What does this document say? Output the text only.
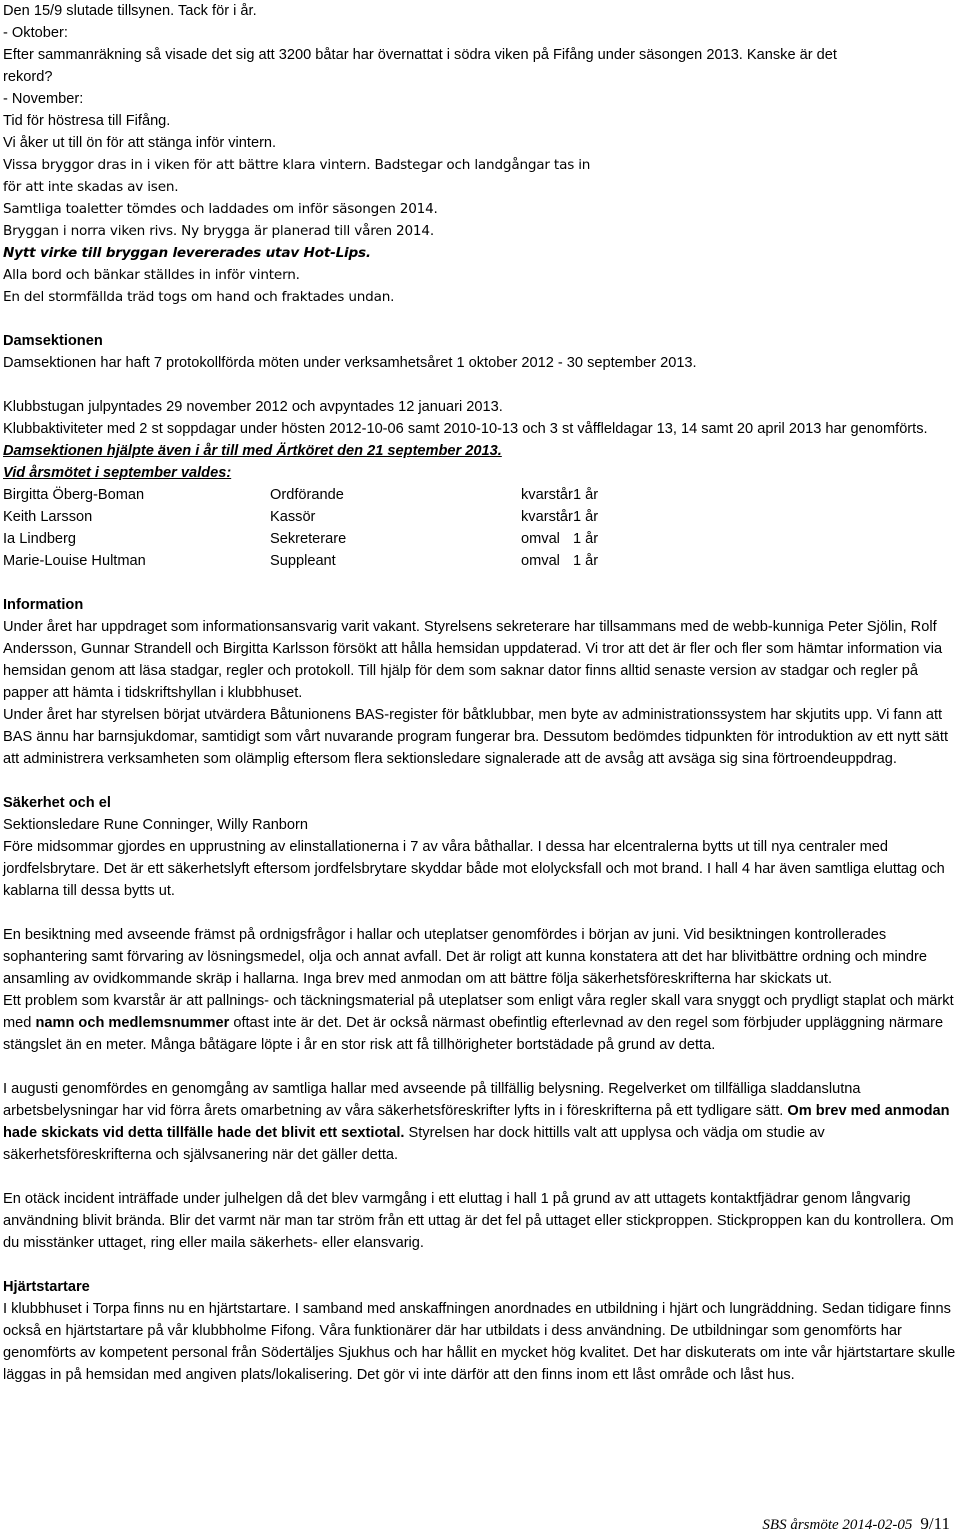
Den 15/9 slutade tillsynen. Tack för i år.
- Oktober:
Efter sammanräkning så visade det sig att 3200 båtar har övernattat i södra viken på Fifång under säsongen 2013. Kanske är det
rekord?
- November:
Tid för höstresa till Fifång.
Vi åker ut till ön för att stänga inför vintern.
Vissa bryggor dras in i viken för att bättre klara vintern. Badstegar och landgångar tas in
för att inte skadas av isen.
Samtliga toaletter tömdes och laddades om inför säsongen 2014.
Bryggan i norra viken rivs. Ny brygga är planerad till våren 2014.
Nytt virke till bryggan levererades utav Hot-Lips.
Alla bord och bänkar ställdes in inför vintern.
En del stormfällda träd togs om hand och fraktades undan.
Damsektionen
Damsektionen har haft 7 protokollförda möten under verksamhetsåret 1 oktober 2012 - 30 september 2013.
Klubbstugan julpyntades 29 november 2012 och avpyntades 12 januari 2013.
Klubbaktiviteter med 2 st soppdagar under hösten 2012-10-06 samt 2010-10-13 och 3 st våffleldagar 13, 14 samt 20 april 2013 har genomförts.
Damsektionen hjälpte även i år till med Ärtköret den 21 september 2013.
Vid årsmötet i september valdes:
Birgitta Öberg-Boman	Ordförande	kvarstår 1 år
Keith Larsson	Kassör	kvarstår 1 år
Ia Lindberg	Sekreterare	omval 1 år
Marie-Louise Hultman	Suppleant	omval 1 år
Information
Under året har uppdraget som informationsansvarig varit vakant. Styrelsens sekreterare har tillsammans med de webb-kunniga Peter Sjölin, Rolf Andersson, Gunnar Strandell och Birgitta Karlsson försökt att hålla hemsidan uppdaterad. Vi tror att det är fler och fler som hämtar information via hemsidan genom att läsa stadgar, regler och protokoll. Till hjälp för dem som saknar dator finns alltid senaste version av stadgar och regler på papper att hämta i tidskriftshyllan i klubbhuset.
Under året har styrelsen börjat utvärdera Båtunionens BAS-register för båtklubbar, men byte av administrationssystem har skjutits upp. Vi fann att BAS ännu har barnsjukdomar, samtidigt som vårt nuvarande program fungerar bra. Dessutom bedömdes tidpunkten för introduktion av ett nytt sätt att administrera verksamheten som olämplig eftersom flera sektionsledare signalerade att de avsåg att avsäga sig sina förtroendeuppdrag.
Säkerhet och el
Sektionsledare Rune Conninger, Willy Ranborn
Före midsommar gjordes en upprustning av elinstallationerna i 7 av våra båthallar. I dessa har elcentralerna bytts ut till nya centraler med jordfelsbrytare. Det är ett säkerhetslyft eftersom jordfelsbrytare skyddar både mot elolycksfall och mot brand. I hall 4 har även samtliga eluttag och kablarna till dessa bytts ut.
En besiktning med avseende främst på ordnigsfrågor i hallar och uteplatser genomfördes i början av juni. Vid besiktningen kontrollerades sophantering samt förvaring av lösningsmedel, olja och annat avfall. Det är roligt att kunna konstatera att det har blivitbättre ordning och mindre ansamling av ovidkommande skräp i hallarna. Inga brev med anmodan om att bättre följa säkerhetsföreskrifterna har skickats ut.
Ett problem som kvarstår är att pallnings- och täckningsmaterial på uteplatser som enligt våra regler skall vara snyggt och prydligt staplat och märkt med namn och medlemsnummer oftast inte är det. Det är också närmast obefintlig efterlevnad av den regel som förbjuder uppläggning närmare stängslet än en meter. Många båtägare löpte i år en stor risk att få tillhörigheter bortstädade på grund av detta.
I augusti genomfördes en genomgång av samtliga hallar med avseende på tillfällig belysning. Regelverket om tillfälliga sladdanslutna arbetsbelysningar har vid förra årets omarbetning av våra säkerhetsföreskrifter lyfts in i föreskrifterna på ett tydligare sätt. Om brev med anmodan hade skickats vid detta tillfälle hade det blivit ett sextiotal. Styrelsen har dock hittills valt att upplysa och vädja om studie av säkerhetsföreskrifterna och självsanering när det gäller detta.
En otäck incident inträffade under julhelgen då det blev varmgång i ett eluttag i hall 1 på grund av att uttagets kontaktfjädrar genom långvarig användning blivit brända. Blir det varmt när man tar ström från ett uttag är det fel på uttaget eller stickproppen. Stickproppen kan du kontrollera. Om du misstänker uttaget, ring eller maila säkerhets- eller elansvarig.
Hjärtstartare
I klubbhuset i Torpa finns nu en hjärtstartare. I samband med anskaffningen anordnades en utbildning i hjärt och lungräddning. Sedan tidigare finns också en hjärtstartare på vår klubbholme Fifong. Våra funktionärer där har utbildats i dess användning. De utbildningar som genomförts har genomförts av kompetent personal från Södertäljes Sjukhus och har hållit en mycket hög kvalitet. Det har diskuterats om inte vår hjärtstartare skulle läggas in på hemsidan med angiven plats/lokalisering. Det gör vi inte därför att den finns inom ett låst område och låst hus.
SBS årsmöte 2014-02-05 9/11
